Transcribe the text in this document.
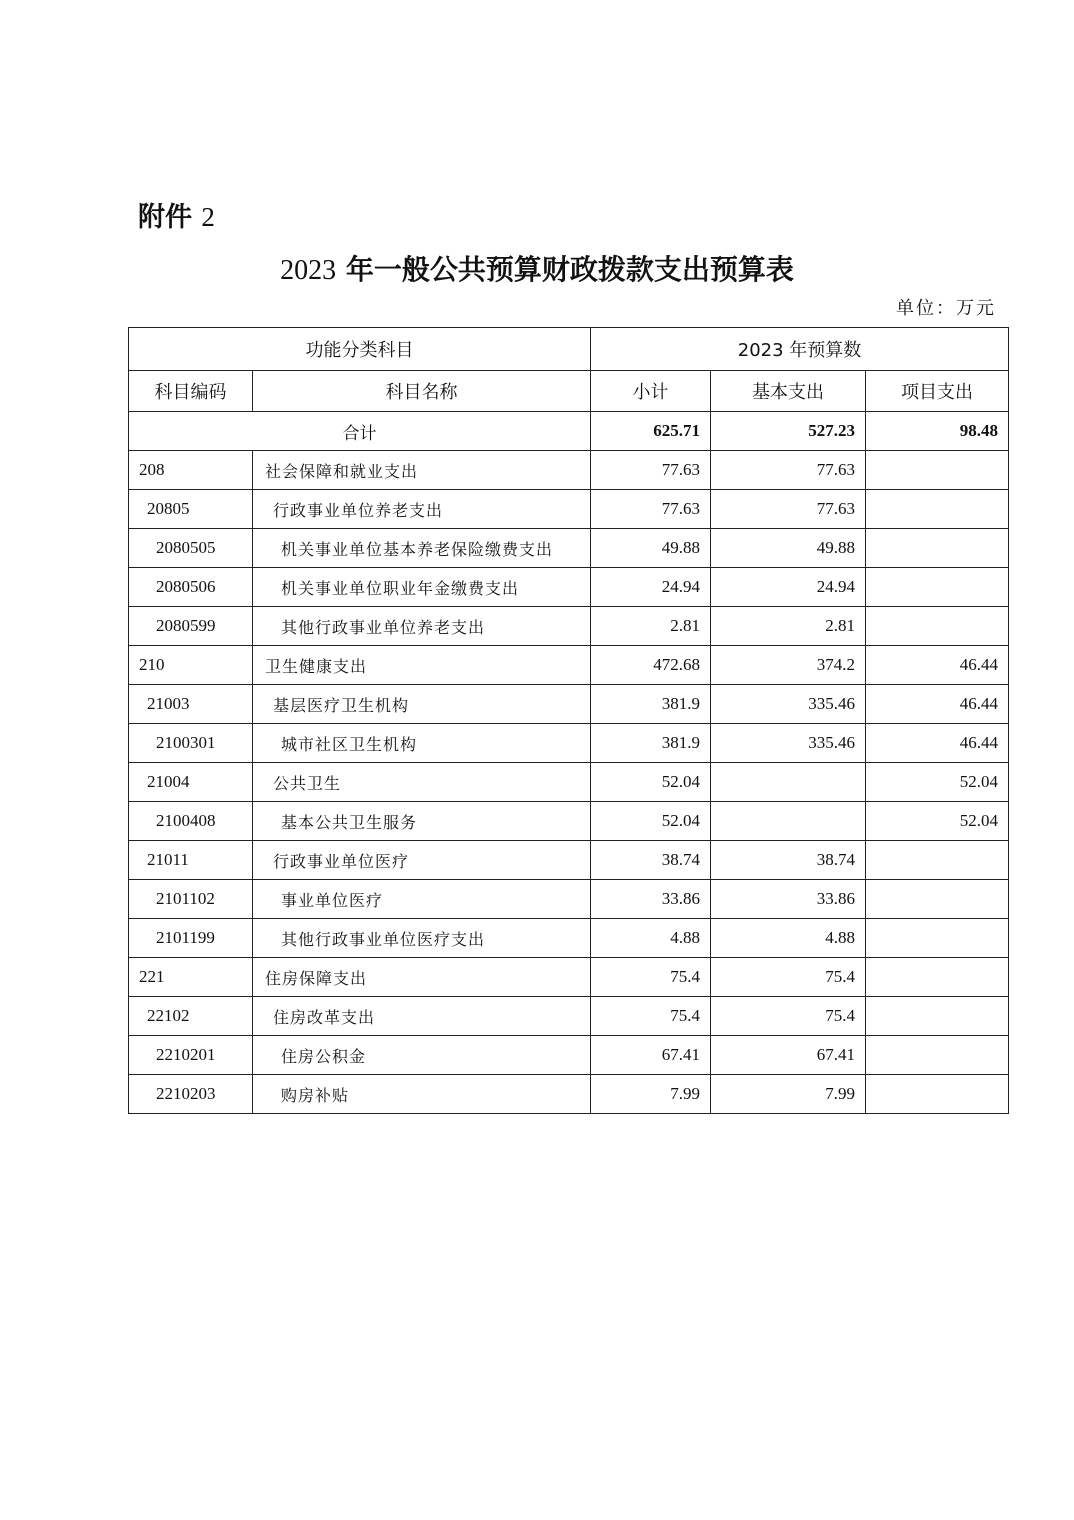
附件 2
2023 年一般公共预算财政拨款支出预算表
单位：万元
功能分类科目		2023 年预算数		
科目编码	科目名称	小计	基本支出	项目支出
合计		625.71	527.23	98.48
208	社会保障和就业支出	77.63	77.63	
20805	行政事业单位养老支出	77.63	77.63	
2080505	机关事业单位基本养老保险缴费支出	49.88	49.88	
2080506	机关事业单位职业年金缴费支出	24.94	24.94	
2080599	其他行政事业单位养老支出	2.81	2.81	
210	卫生健康支出	472.68	374.2	46.44
21003	基层医疗卫生机构	381.9	335.46	46.44
2100301	城市社区卫生机构	381.9	335.46	46.44
21004	公共卫生	52.04		52.04
2100408	基本公共卫生服务	52.04		52.04
21011	行政事业单位医疗	38.74	38.74	
2101102	事业单位医疗	33.86	33.86	
2101199	其他行政事业单位医疗支出	4.88	4.88	
221	住房保障支出	75.4	75.4	
22102	住房改革支出	75.4	75.4	
2210201	住房公积金	67.41	67.41	
2210203	购房补贴	7.99	7.99	
